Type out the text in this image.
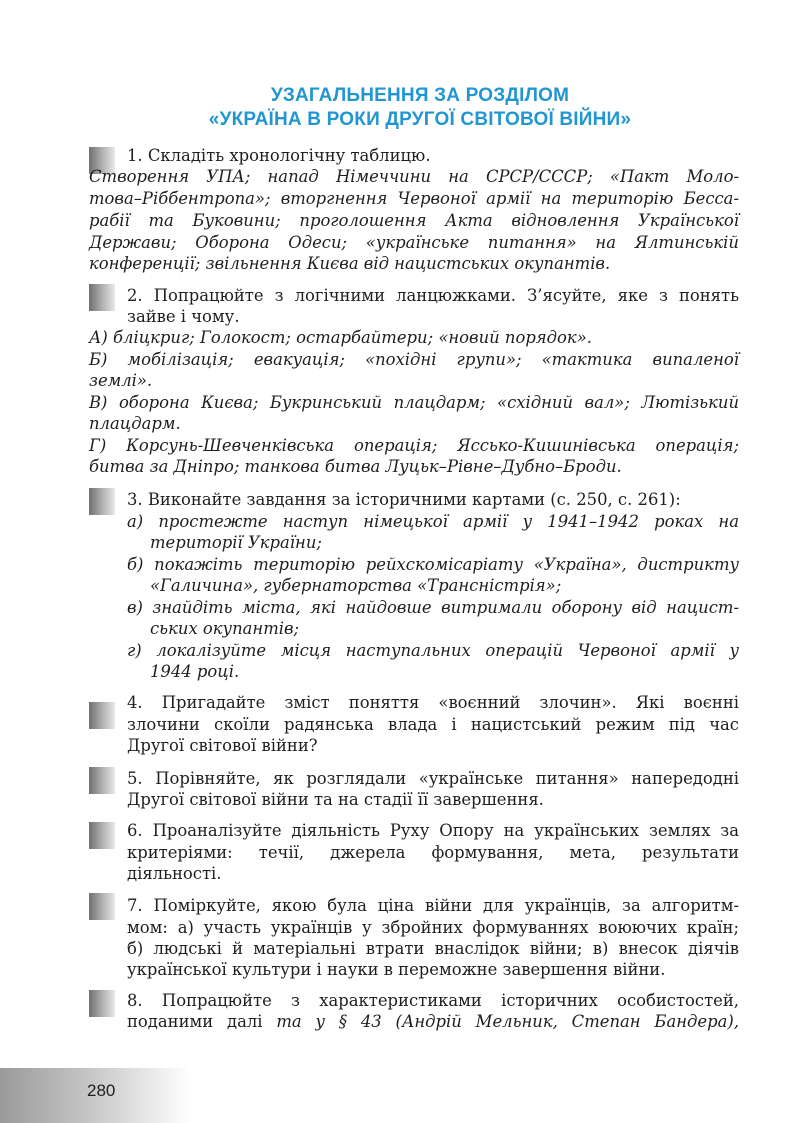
УЗАГАЛЬНЕННЯ ЗА РОЗДІЛОМ
«УКРАЇНА В РОКИ ДРУГОЇ СВІТОВОЇ ВІЙНИ»
1. Складіть хронологічну таблицю.
Створення УПА; напад Німеччини на СРСР/СССР; «Пакт Моло-
това–Ріббентропа»; вторгнення Червоної армії на територію Бесса-
рабії та Буковини; проголошення Акта відновлення Української
Держави; Оборона Одеси; «українське питання» на Ялтинській
конференції; звільнення Києва від нацистських окупантів.
2. Попрацюйте з логічними ланцюжками. З’ясуйте, яке з понять
зайве і чому.
А) бліцкриг; Голокост; остарбайтери; «новий порядок».
Б) мобілізація; евакуація; «похідні групи»; «тактика випаленої
землі».
В) оборона Києва; Букринський плацдарм; «східний вал»; Лютізький
плацдарм.
Г) Корсунь-Шевченківська операція; Яссько-Кишинівська операція;
битва за Дніпро; танкова битва Луцьк–Рівне–Дубно–Броди.
3. Виконайте завдання за історичними картами (с. 250, с. 261):
а) простежте наступ німецької армії у 1941–1942 роках на
території України;
б) покажіть територію рейхскомісаріату «Україна», дистрикту
«Галичина», губернаторства «Трансністрія»;
в) знайдіть міста, які найдовше витримали оборону від нацист-
ських окупантів;
г) локалізуйте місця наступальних операцій Червоної армії у
1944 році.
4. Пригадайте зміст поняття «воєнний злочин». Які воєнні
злочини скоїли радянська влада і нацистський режим під час
Другої світової війни?
5. Порівняйте, як розглядали «українське питання» напередодні
Другої світової війни та на стадії її завершення.
6. Проаналізуйте діяльність Руху Опору на українських землях за
критеріями: течії, джерела формування, мета, результати
діяльності.
7. Поміркуйте, якою була ціна війни для українців, за алгоритм-
мом: а) участь українців у збройних формуваннях воюючих країн;
б) людські й матеріальні втрати внаслідок війни; в) внесок діячів
української культури і науки в переможне завершення війни.
8. Попрацюйте з характеристиками історичних особистостей,
поданими далі та у § 43 (Андрій Мельник, Степан Бандера),
280
